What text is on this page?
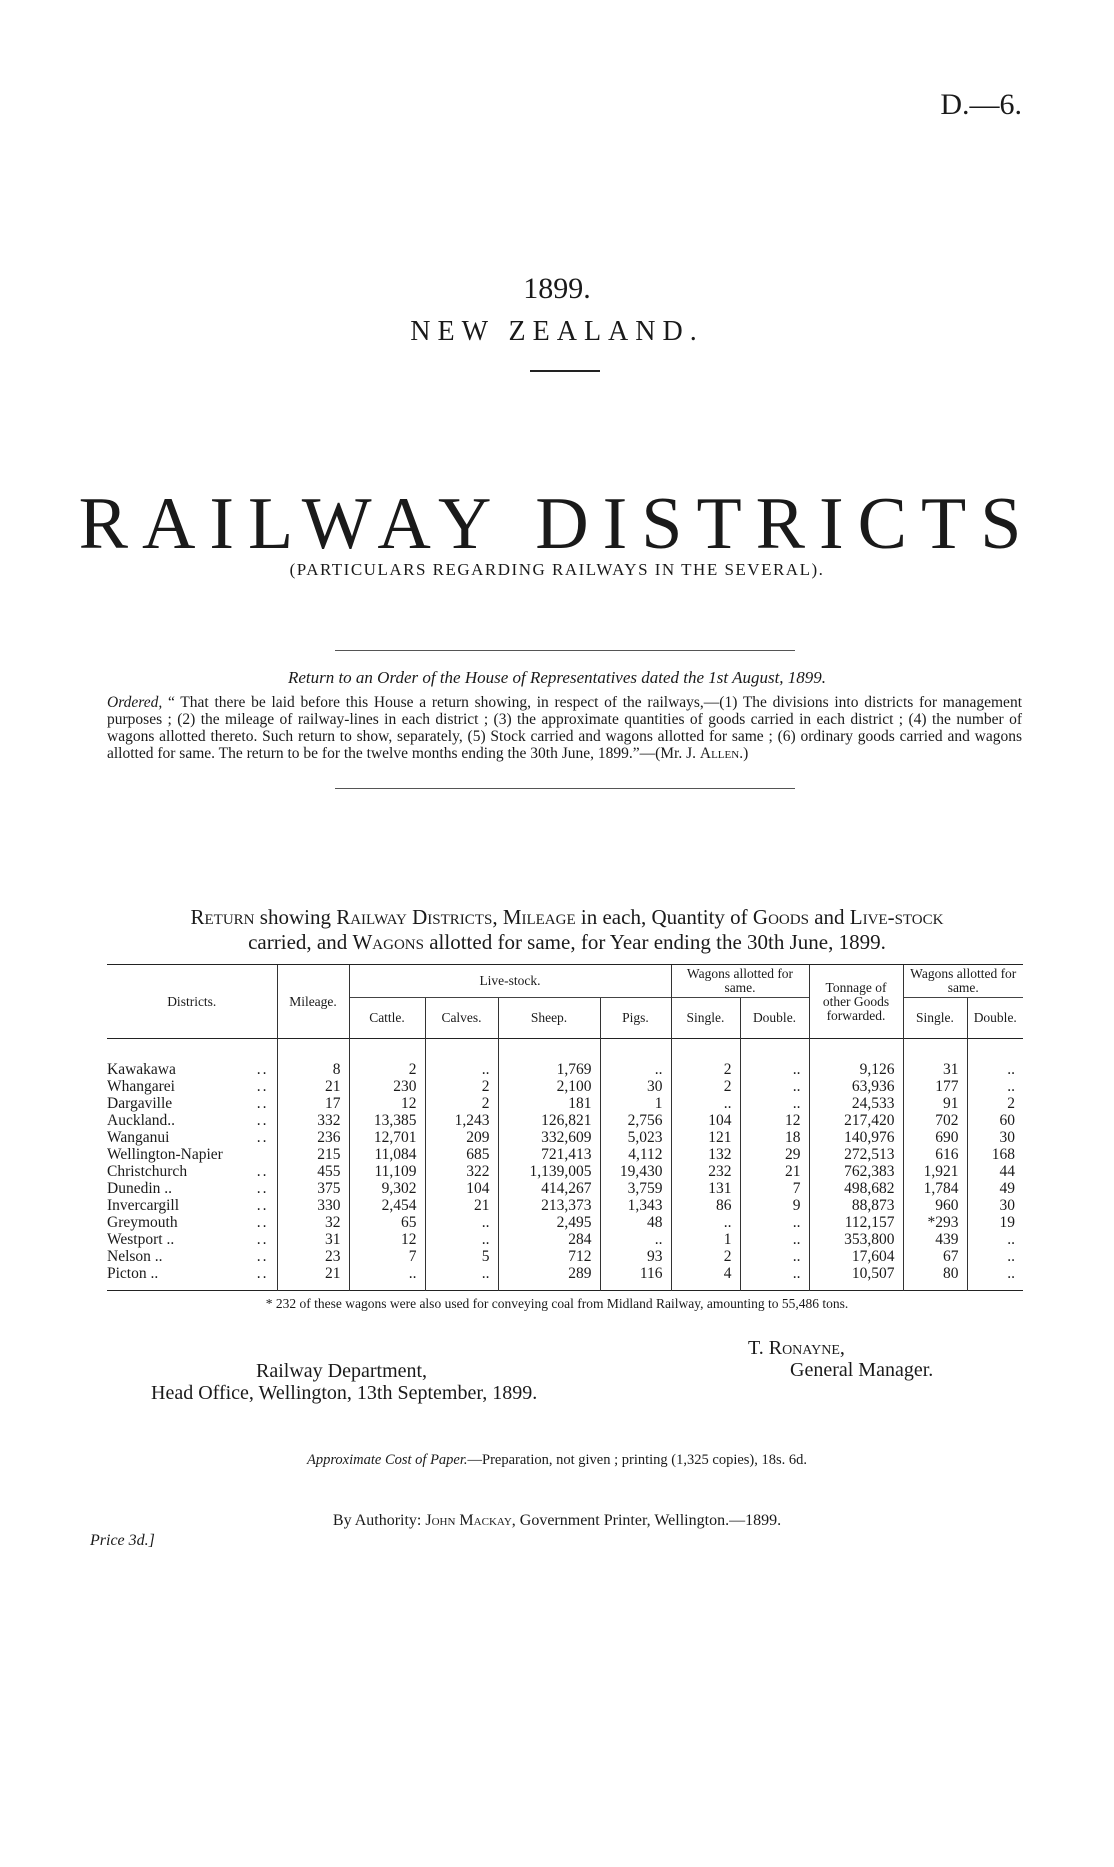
D.—6.
1899.
NEW ZEALAND.
RAILWAY DISTRICTS
(PARTICULARS REGARDING RAILWAYS IN THE SEVERAL).
Return to an Order of the House of Representatives dated the 1st August, 1899.
Ordered, “ That there be laid before this House a return showing, in respect of the railways,—(1) The divisions into districts for management purposes ; (2) the mileage of railway-lines in each district ; (3) the approximate quantities of goods carried in each district ; (4) the number of wagons allotted thereto. Such return to show, separately, (5) Stock carried and wagons allotted for same ; (6) ordinary goods carried and wagons allotted for same. The return to be for the twelve months ending the 30th June, 1899.”—(Mr. J. Allen.)
Return showing Railway Districts, Mileage in each, Quantity of Goods and Live-stock
carried, and Wagons allotted for same, for Year ending the 30th June, 1899.
Districts.	Mileage.	Live-stock.				Wagons allotted for same.		Tonnage of other Goods forwarded.	Wagons allotted for same.	
		Cattle.	Calves.	Sheep.	Pigs.	Single.	Double.		Single.	Double.
Kawakawa ..	8	2	..	1,769	..	2	..	9,126	31	..
Whangarei ..	21	230	2	2,100	30	2	..	63,936	177	..
Dargaville ..	17	12	2	181	1	..	..	24,533	91	2
Auckland.. ..	332	13,385	1,243	126,821	2,756	104	12	217,420	702	60
Wanganui ..	236	12,701	209	332,609	5,023	121	18	140,976	690	30
Wellington-Napier	215	11,084	685	721,413	4,112	132	29	272,513	616	168
Christchurch ..	455	11,109	322	1,139,005	19,430	232	21	762,383	1,921	44
Dunedin .. ..	375	9,302	104	414,267	3,759	131	7	498,682	1,784	49
Invercargill ..	330	2,454	21	213,373	1,343	86	9	88,873	960	30
Greymouth ..	32	65	..	2,495	48	..	..	112,157	*293	19
Westport .. ..	31	12	..	284	..	1	..	353,800	439	..
Nelson .. ..	23	7	5	712	93	2	..	17,604	67	..
Picton .. ..	21	..	..	289	116	4	..	10,507	80	..
* 232 of these wagons were also used for conveying coal from Midland Railway, amounting to 55,486 tons.
T. Ronayne,
General Manager.
Railway Department,
Head Office, Wellington, 13th September, 1899.
Approximate Cost of Paper.—Preparation, not given ; printing (1,325 copies), 18s. 6d.
By Authority: John Mackay, Government Printer, Wellington.—1899.
Price 3d.]
